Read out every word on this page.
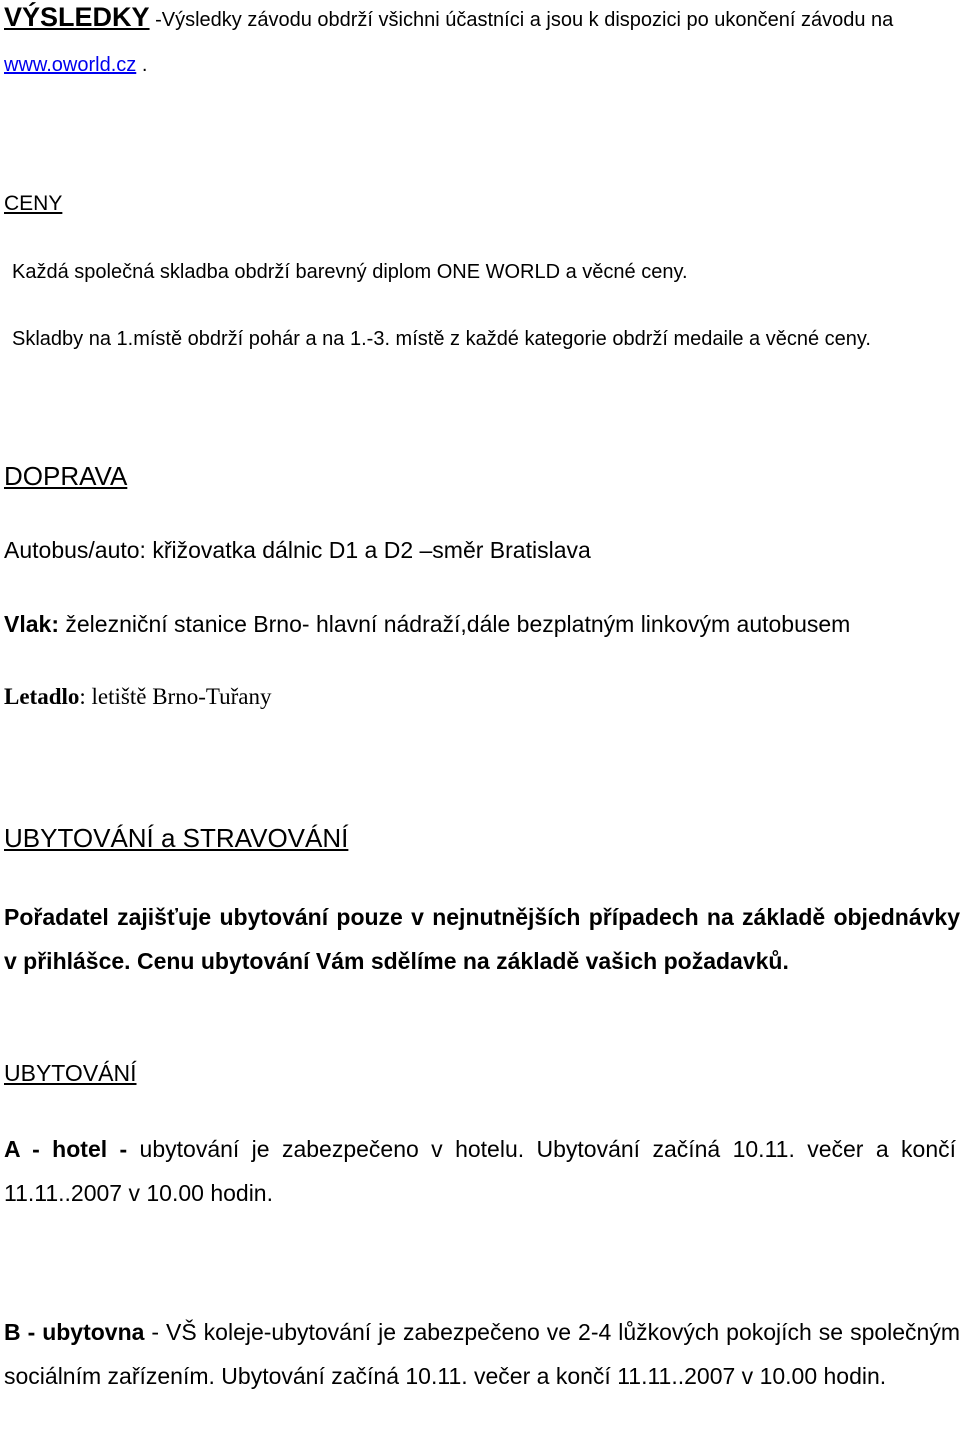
VÝSLEDKY -Výsledky závodu obdrží všichni účastníci a jsou k dispozici po ukončení závodu na
www.oworld.cz .
CENY
Každá společná skladba obdrží barevný diplom ONE WORLD a věcné ceny.
Skladby na 1.místě obdrží pohár a na 1.-3. místě z každé kategorie obdrží medaile a věcné ceny.
DOPRAVA
Autobus/auto: křižovatka dálnic D1 a D2 –směr Bratislava
Vlak: železniční stanice Brno- hlavní nádraží,dále bezplatným linkovým autobusem
Letadlo: letiště Brno-Tuřany
UBYTOVÁNÍ a STRAVOVÁNÍ
Pořadatel zajišťuje ubytování pouze v nejnutnějších případech na základě objednávky v přihlášce. Cenu ubytování Vám sdělíme na základě vašich požadavků.
UBYTOVÁNÍ
A - hotel - ubytování je zabezpečeno v hotelu. Ubytování začíná 10.11. večer a končí 11.11..2007 v 10.00 hodin.
B - ubytovna - VŠ koleje-ubytování je zabezpečeno ve 2-4 lůžkových pokojích se společným sociálním zařízením. Ubytování začíná 10.11. večer a končí 11.11..2007 v 10.00 hodin.
